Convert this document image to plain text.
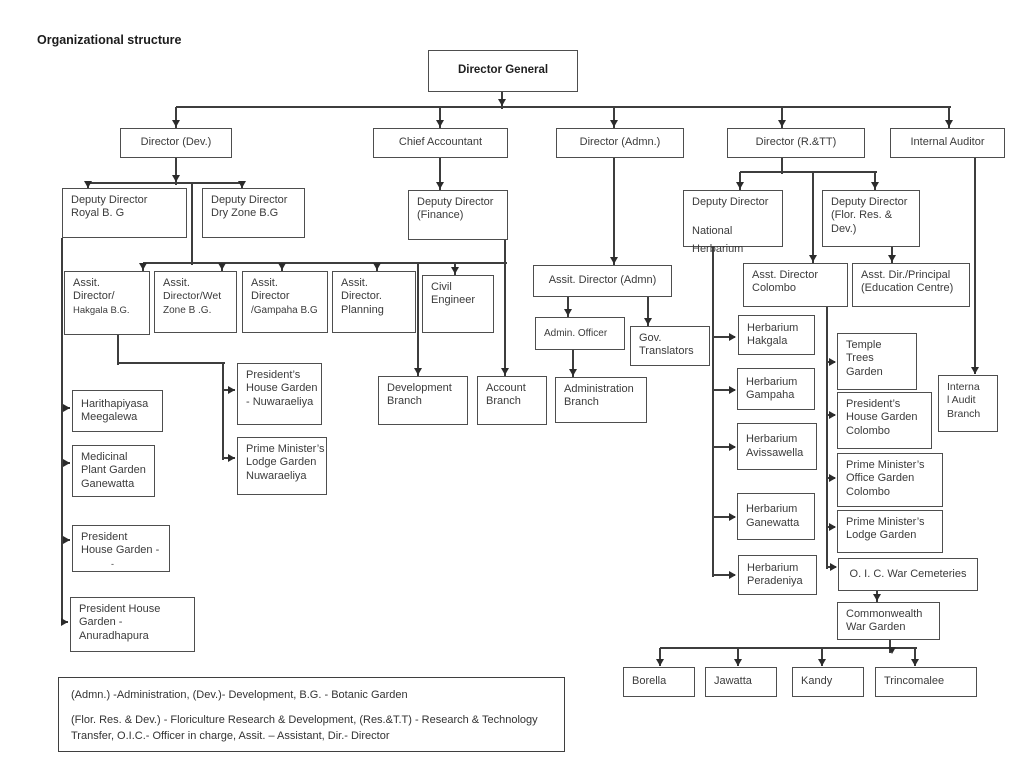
Organizational structure
(Admn.) -Administration, (Dev.)- Development, B.G. - Botanic Garden
(Flor. Res. & Dev.) - Floriculture Research & Development, (Res.&T.T) - Research & Technology
Transfer, O.I.C.- Officer in charge, Assit. – Assistant, Dir.- Director
Director General
Director (Dev.)	Chief Accountant	Director (Admn.)	Director (R.&TT)	Internal Auditor
Deputy Director
Royal B. G
Deputy Director
Dry Zone B.G
Deputy Director
(Finance)
Deputy Director
National
Herbarium
Deputy Director
(Flor. Res. &
Dev.)
Assit.
Director/
Hakgala B.G.
Assit.
Director/Wet
Zone B .G.
Assit.
Director
/Gampaha B.G
Assit.
Director.
Planning
Civil
Engineer
Assit. Director (Admn)
Admin. Officer	Gov.
Translators
Development
Branch
Account
Branch
Administration
Branch
Asst. Director
Colombo
Asst. Dir./Principal
(Education Centre)
Herbarium
Hakgala
Herbarium
Gampaha
Herbarium
Avissawella
Herbarium
Ganewatta
Herbarium
Peradeniya
Temple
Trees
Garden
President’s
House Garden
Colombo
Prime Minister’s
Office Garden
Colombo
Prime Minister’s
Lodge Garden
O. I. C. War Cemeteries
Commonwealth
War Garden
Interna
l Audit
Branch
Harithapiyasa
Meegalewa
Medicinal
Plant Garden
Ganewatta
President
House Garden -
-
President House
Garden -
Anuradhapura
President’s
House Garden
- Nuwaraeliya
Prime Minister’s
Lodge Garden
Nuwaraeliya
Borella	Jawatta	Kandy	Trincomalee
